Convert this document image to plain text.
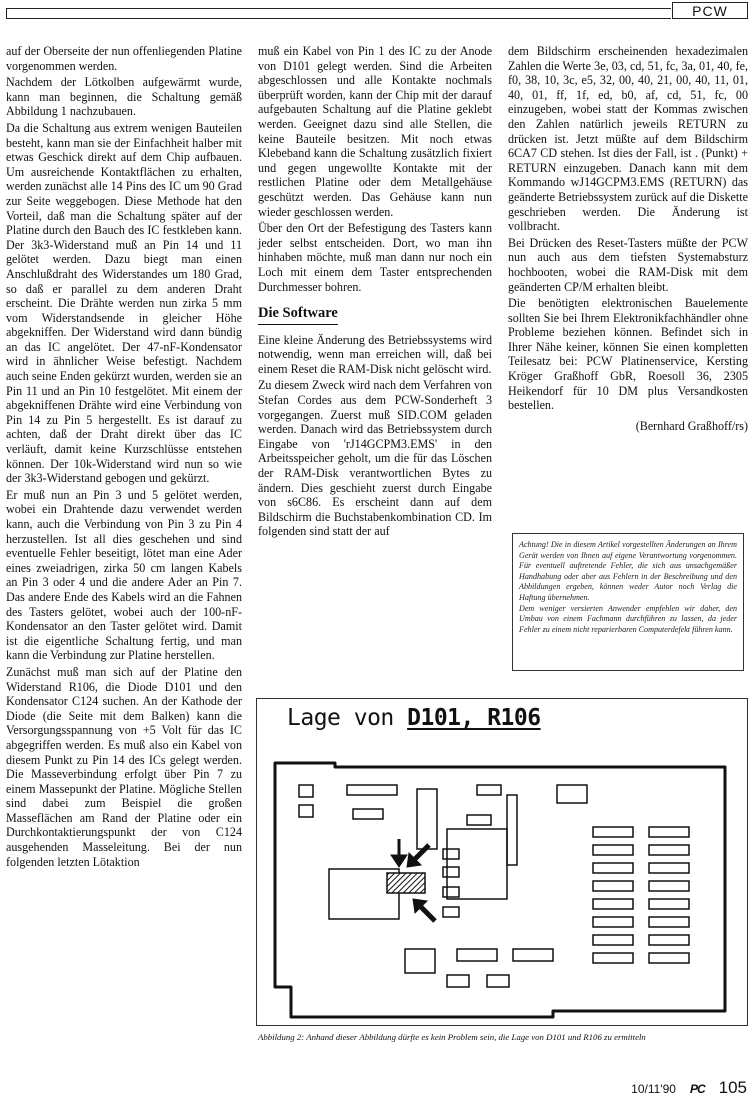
PCW

auf der Oberseite der nun offenliegenden Platine vorgenommen werden.

Nachdem der Lötkolben aufgewärmt wurde, kann man beginnen, die Schaltung gemäß Abbildung 1 nachzubauen.

Da die Schaltung aus extrem wenigen Bauteilen besteht, kann man sie der Einfachheit halber mit etwas Geschick direkt auf dem Chip aufbauen. Um ausreichende Kontaktflächen zu erhalten, werden zunächst alle 14 Pins des IC um 90 Grad zur Seite weggebogen. Diese Methode hat den Vorteil, daß man die Schaltung später auf der Platine durch den Bauch des IC festkleben kann. Der 3k3-Widerstand muß an Pin 14 und 11 gelötet werden. Dazu biegt man einen Anschlußdraht des Widerstandes um 180 Grad, so daß er parallel zu dem anderen Draht erscheint. Die Drähte werden nun zirka 5 mm vom Widerstandsende in gleicher Höhe abgekniffen. Der Widerstand wird dann bündig an das IC angelötet. Der 47-nF-Kondensator wird in ähnlicher Weise befestigt. Nachdem auch seine Enden gekürzt wurden, werden sie an Pin 11 und an Pin 10 festgelötet. Mit einem der abgekniffenen Drähte wird eine Verbindung von Pin 14 zu Pin 5 hergestellt. Es ist darauf zu achten, daß der Draht direkt über das IC verläuft, damit keine Kurzschlüsse entstehen können. Der 10k-Widerstand wird nun so wie der 3k3-Widerstand gebogen und gekürzt.

Er muß nun an Pin 3 und 5 gelötet werden, wobei ein Drahtende dazu verwendet werden kann, auch die Verbindung von Pin 3 zu Pin 4 herzustellen. Ist all dies geschehen und sind eventuelle Fehler beseitigt, lötet man eine Ader eines zweiadrigen, zirka 50 cm langen Kabels an Pin 3 oder 4 und die andere Ader an Pin 7. Das andere Ende des Kabels wird an die Fahnen des Tasters gelötet, wobei auch der 100-nF-Kondensator an den Taster gelötet wird. Damit ist die eigentliche Schaltung fertig, und man kann die Verbindung zur Platine herstellen.

Zunächst muß man sich auf der Platine den Widerstand R106, die Diode D101 und den Kondensator C124 suchen. An der Kathode der Diode (die Seite mit dem Balken) kann die Versorgungsspannung von +5 Volt für das IC abgegriffen werden. Es muß also ein Kabel von diesem Punkt zu Pin 14 des ICs gelegt werden. Die Masseverbindung erfolgt über Pin 7 zu einem Massepunkt der Platine. Mögliche Stellen sind dabei zum Beispiel die großen Masseflächen am Rand der Platine oder ein Durchkontaktierungspunkt der von C124 ausgehenden Masseleitung. Bei der nun folgenden letzten Lötaktion

muß ein Kabel von Pin 1 des IC zu der Anode von D101 gelegt werden. Sind die Arbeiten abgeschlossen und alle Kontakte nochmals überprüft worden, kann der Chip mit der darauf aufgebauten Schaltung auf die Platine geklebt werden. Geeignet dazu sind alle Stellen, die keine Bauteile besitzen. Mit noch etwas Klebeband kann die Schaltung zusätzlich fixiert und gegen ungewollte Kontakte mit der restlichen Platine oder dem Metallgehäuse geschützt werden. Das Gehäuse kann nun wieder geschlossen werden.

Über den Ort der Befestigung des Tasters kann jeder selbst entscheiden. Dort, wo man ihn hinhaben möchte, muß man dann nur noch ein Loch mit einem dem Taster entsprechenden Durchmesser bohren.

Die Software

Eine kleine Änderung des Betriebssystems wird notwendig, wenn man erreichen will, daß bei einem Reset die RAM-Disk nicht gelöscht wird.

Zu diesem Zweck wird nach dem Verfahren von Stefan Cordes aus dem PCW-Sonderheft 3 vorgegangen. Zuerst muß SID.COM geladen werden. Danach wird das Betriebssystem durch Eingabe von 'rJ14GCPM3.EMS' in den Arbeitsspeicher geholt, um die für das Löschen der RAM-Disk verantwortlichen Bytes zu ändern. Dies geschieht zuerst durch Eingabe von s6C86. Es erscheint dann auf dem Bildschirm die Buchstabenkombination CD. Im folgenden sind statt der auf

dem Bildschirm erscheinenden hexadezimalen Zahlen die Werte 3e, 03, cd, 51, fc, 3a, 01, 40, fe, f0, 38, 10, 3c, e5, 32, 00, 40, 21, 00, 40, 11, 01, 40, 01, ff, 1f, ed, b0, af, cd, 51, fc, 00 einzugeben, wobei statt der Kommas zwischen den Zahlen natürlich jeweils RETURN zu drücken ist. Jetzt müßte auf dem Bildschirm 6CA7 CD stehen. Ist dies der Fall, ist . (Punkt) + RETURN einzugeben. Danach kann mit dem Kommando wJ14GCPM3.EMS (RETURN) das geänderte Betriebssystem zurück auf die Diskette geschrieben werden. Die Änderung ist vollbracht.

Bei Drücken des Reset-Tasters müßte der PCW nun auch aus dem tiefsten Systemabsturz hochbooten, wobei die RAM-Disk mit dem geänderten CP/M erhalten bleibt.

Die benötigten elektronischen Bauelemente sollten Sie bei Ihrem Elektronikfachhändler ohne Probleme beziehen können. Befindet sich in Ihrer Nähe keiner, können Sie einen kompletten Teilesatz bei: PCW Platinenservice, Kersting Kröger Graßhoff GbR, Roesoll 36, 2305 Heikendorf für 10 DM plus Versandkosten bestellen.

(Bernhard Graßhoff/rs)

Achtung! Die in diesem Artikel vorgestellten Änderungen an Ihrem Gerät werden von Ihnen auf eigene Verantwortung vorgenommen. Für eventuell auftretende Fehler, die sich aus unsachgemäßer Handhabung oder aber aus Fehlern in der Beschreibung und den Abbildungen ergeben, können weder Autor noch Verlag die Haftung übernehmen.

Dem weniger versierten Anwender empfehlen wir daher, den Umbau von einem Fachmann durchführen zu lassen, da jeder Fehler zu einem nicht reparierbaren Computerdefekt führen kann.

Lage von D101, R106
Abbildung 2: Anhand dieser Abbildung dürfte es kein Problem sein, die Lage von D101 und R106 zu ermitteln
10/11'90 PC 105
